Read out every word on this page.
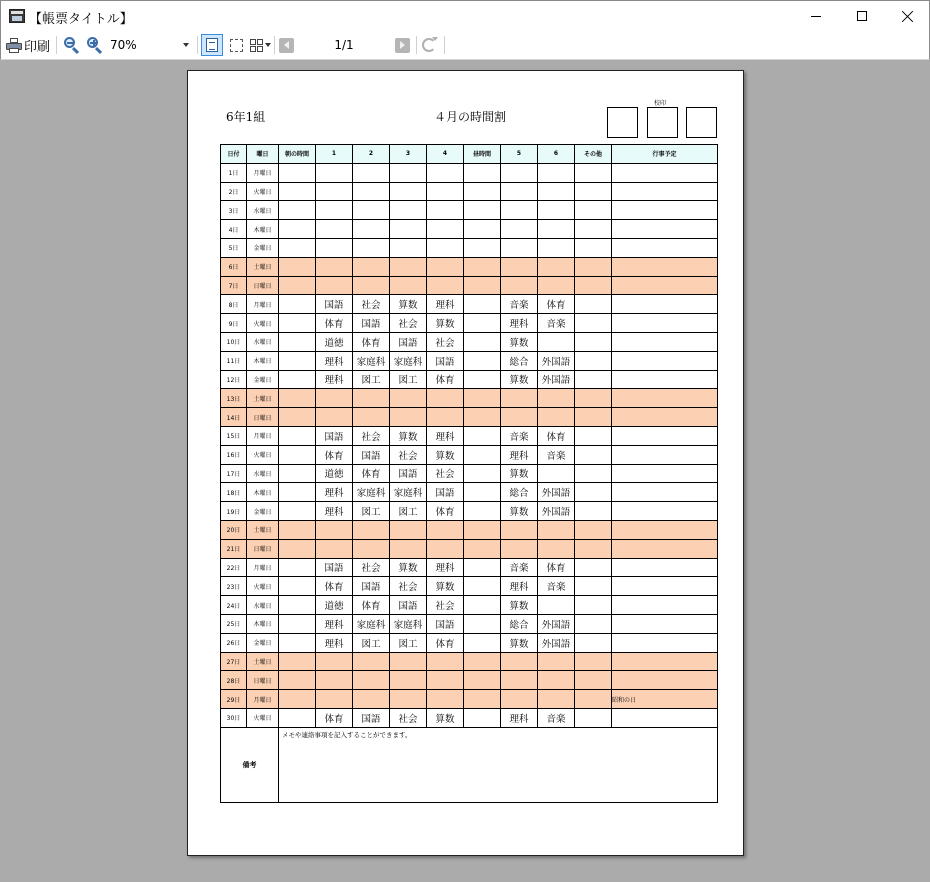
【帳票タイトル】
印刷	70%	1/1
6年1組	４月の時間割
校印
日付	曜日	朝の時間	1	2	3	4	昼時間	5	6	その他	行事予定
1日	月曜日										
2日	火曜日										
3日	水曜日										
4日	木曜日										
5日	金曜日										
6日	土曜日										
7日	日曜日										
8日	月曜日		国語	社会	算数	理科		音楽	体育		
9日	火曜日		体育	国語	社会	算数		理科	音楽		
10日	水曜日		道徳	体育	国語	社会		算数			
11日	木曜日		理科	家庭科	家庭科	国語		総合	外国語		
12日	金曜日		理科	図工	図工	体育		算数	外国語		
13日	土曜日										
14日	日曜日										
15日	月曜日		国語	社会	算数	理科		音楽	体育		
16日	火曜日		体育	国語	社会	算数		理科	音楽		
17日	水曜日		道徳	体育	国語	社会		算数			
18日	木曜日		理科	家庭科	家庭科	国語		総合	外国語		
19日	金曜日		理科	図工	図工	体育		算数	外国語		
20日	土曜日										
21日	日曜日										
22日	月曜日		国語	社会	算数	理科		音楽	体育		
23日	火曜日		体育	国語	社会	算数		理科	音楽		
24日	水曜日		道徳	体育	国語	社会		算数			
25日	木曜日		理科	家庭科	家庭科	国語		総合	外国語		
26日	金曜日		理科	図工	図工	体育		算数	外国語		
27日	土曜日										
28日	日曜日										
29日	月曜日										昭和の日
30日	火曜日		体育	国語	社会	算数		理科	音楽		
備考		メモや連絡事項を記入することができます。									
